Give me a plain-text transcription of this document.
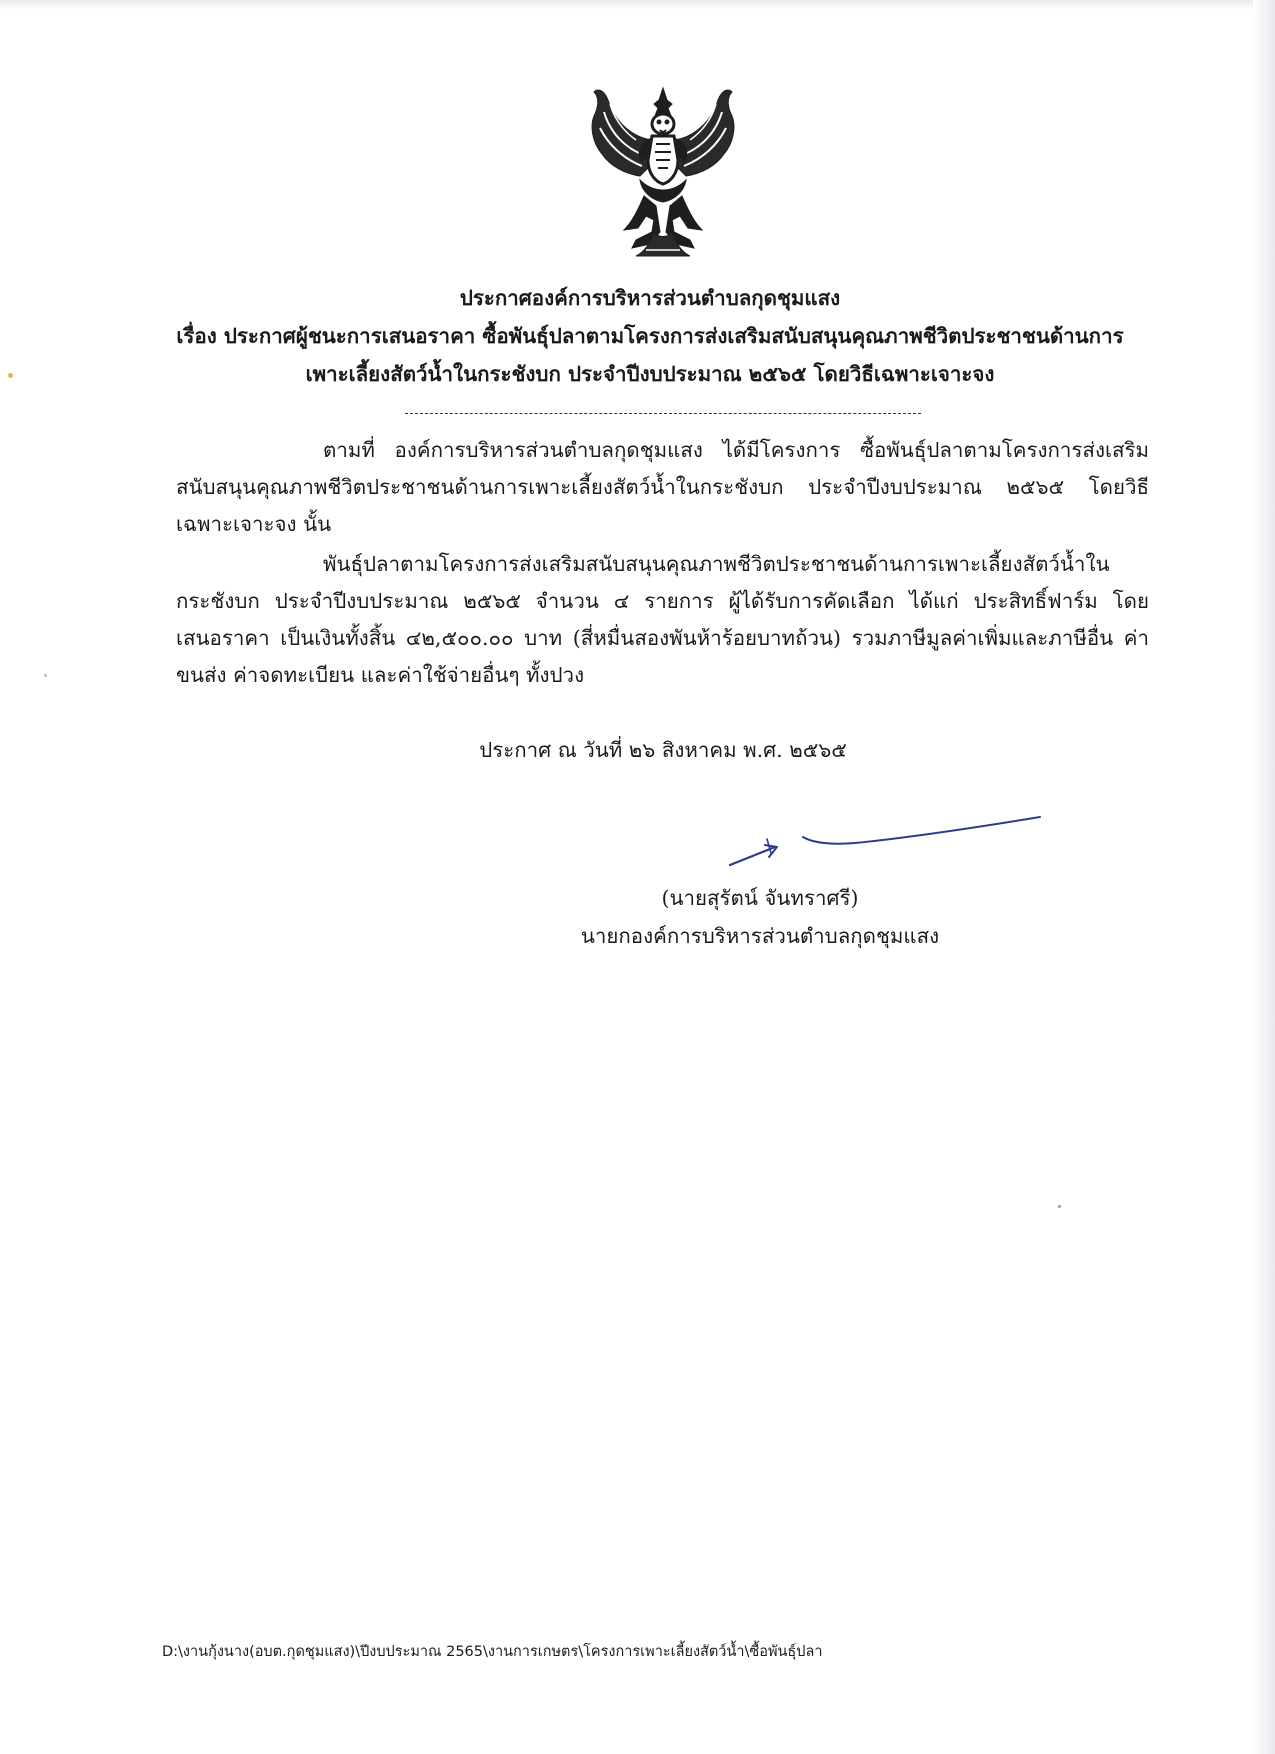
ประกาศองค์การบริหารส่วนตำบลกุดชุมแสง
เรื่อง ประกาศผู้ชนะการเสนอราคา ซื้อพันธุ์ปลาตามโครงการส่งเสริมสนับสนุนคุณภาพชีวิตประชาชนด้านการ
เพาะเลี้ยงสัตว์น้ำในกระชังบก ประจำปีงบประมาณ ๒๕๖๕ โดยวิธีเฉพาะเจาะจง
ตามที่ องค์การบริหารส่วนตำบลกุดชุมแสง ได้มีโครงการ ซื้อพันธุ์ปลาตามโครงการส่งเสริม
สนับสนุนคุณภาพชีวิตประชาชนด้านการเพาะเลี้ยงสัตว์น้ำในกระชังบก ประจำปีงบประมาณ ๒๕๖๕ โดยวิธี
เฉพาะเจาะจง นั้น
พันธุ์ปลาตามโครงการส่งเสริมสนับสนุนคุณภาพชีวิตประชาชนด้านการเพาะเลี้ยงสัตว์น้ำใน
กระชังบก ประจำปีงบประมาณ ๒๕๖๕ จำนวน ๔ รายการ ผู้ได้รับการคัดเลือก ได้แก่ ประสิทธิ์ฟาร์ม โดย
เสนอราคา เป็นเงินทั้งสิ้น ๔๒,๕๐๐.๐๐ บาท (สี่หมื่นสองพันห้าร้อยบาทถ้วน) รวมภาษีมูลค่าเพิ่มและภาษีอื่น ค่า
ขนส่ง ค่าจดทะเบียน และค่าใช้จ่ายอื่นๆ ทั้งปวง
ประกาศ ณ วันที่ ๒๖ สิงหาคม พ.ศ. ๒๕๖๕
(นายสุรัตน์ จันทราศรี)
นายกองค์การบริหารส่วนตำบลกุดชุมแสง
D:\งานกุ้งนาง(อบต.กุดชุมแสง)\ปีงบประมาณ 2565\งานการเกษตร\โครงการเพาะเลี้ยงสัตว์น้ำ\ซื้อพันธุ์ปลา
